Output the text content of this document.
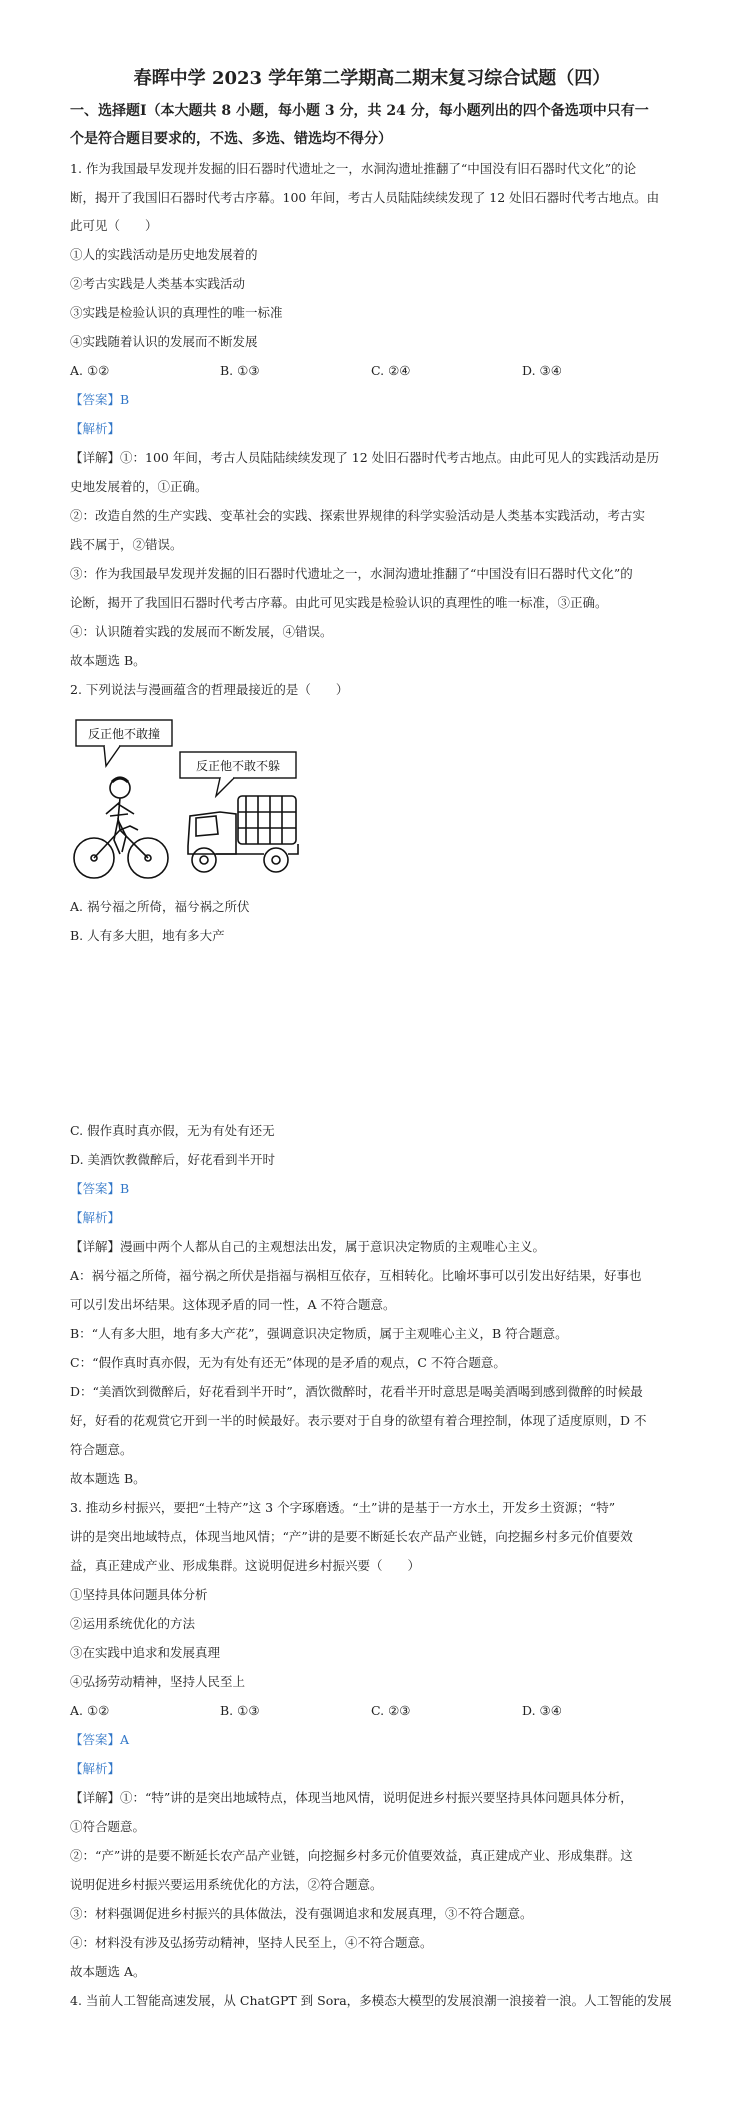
春晖中学 2023 学年第二学期高二期末复习综合试题（四）
一、选择题Ⅰ（本大题共 8 小题，每小题 3 分，共 24 分，每小题列出的四个备选项中只有一
个是符合题目要求的，不选、多选、错选均不得分）
1. 作为我国最早发现并发掘的旧石器时代遗址之一，水洞沟遗址推翻了“中国没有旧石器时代文化”的论
断，揭开了我国旧石器时代考古序幕。100 年间，考古人员陆陆续续发现了 12 处旧石器时代考古地点。由
此可见（　　）
①人的实践活动是历史地发展着的
②考古实践是人类基本实践活动
③实践是检验认识的真理性的唯一标准
④实践随着认识的发展而不断发展
A. ①②	B. ①③	C. ②④	D. ③④
【答案】B
【解析】
【详解】①：100 年间，考古人员陆陆续续发现了 12 处旧石器时代考古地点。由此可见人的实践活动是历
史地发展着的，①正确。
②：改造自然的生产实践、变革社会的实践、探索世界规律的科学实验活动是人类基本实践活动，考古实
践不属于，②错误。
③：作为我国最早发现并发掘的旧石器时代遗址之一，水洞沟遗址推翻了“中国没有旧石器时代文化”的
论断，揭开了我国旧石器时代考古序幕。由此可见实践是检验认识的真理性的唯一标准，③正确。
④：认识随着实践的发展而不断发展，④错误。
故本题选 B。
2. 下列说法与漫画蕴含的哲理最接近的是（　　）
反正他不敢撞
反正他不敢不躲
A. 祸兮福之所倚，福兮祸之所伏
B. 人有多大胆，地有多大产
C. 假作真时真亦假，无为有处有还无
D. 美酒饮教微醉后，好花看到半开时
【答案】B
【解析】
【详解】漫画中两个人都从自己的主观想法出发，属于意识决定物质的主观唯心主义。
A：祸兮福之所倚，福兮祸之所伏是指福与祸相互依存，互相转化。比喻坏事可以引发出好结果，好事也
可以引发出坏结果。这体现矛盾的同一性，A 不符合题意。
B：“人有多大胆，地有多大产花”，强调意识决定物质，属于主观唯心主义，B 符合题意。
C：“假作真时真亦假，无为有处有还无”体现的是矛盾的观点，C 不符合题意。
D：“美酒饮到微醉后，好花看到半开时”，酒饮微醉时，花看半开时意思是喝美酒喝到感到微醉的时候最
好，好看的花观赏它开到一半的时候最好。表示要对于自身的欲望有着合理控制，体现了适度原则，D 不
符合题意。
故本题选 B。
3. 推动乡村振兴，要把“土特产”这 3 个字琢磨透。“土”讲的是基于一方水土，开发乡土资源；“特”
讲的是突出地域特点，体现当地风情；“产”讲的是要不断延长农产品产业链，向挖掘乡村多元价值要效
益，真正建成产业、形成集群。这说明促进乡村振兴要（　　）
①坚持具体问题具体分析
②运用系统优化的方法
③在实践中追求和发展真理
④弘扬劳动精神，坚持人民至上
A. ①②	B. ①③	C. ②③	D. ③④
【答案】A
【解析】
【详解】①：“特”讲的是突出地域特点，体现当地风情，说明促进乡村振兴要坚持具体问题具体分析，
①符合题意。
②：“产”讲的是要不断延长农产品产业链，向挖掘乡村多元价值要效益，真正建成产业、形成集群。这
说明促进乡村振兴要运用系统优化的方法，②符合题意。
③：材料强调促进乡村振兴的具体做法，没有强调追求和发展真理，③不符合题意。
④：材料没有涉及弘扬劳动精神，坚持人民至上，④不符合题意。
故本题选 A。
4. 当前人工智能高速发展，从 ChatGPT 到 Sora，多模态大模型的发展浪潮一浪接着一浪。人工智能的发展
